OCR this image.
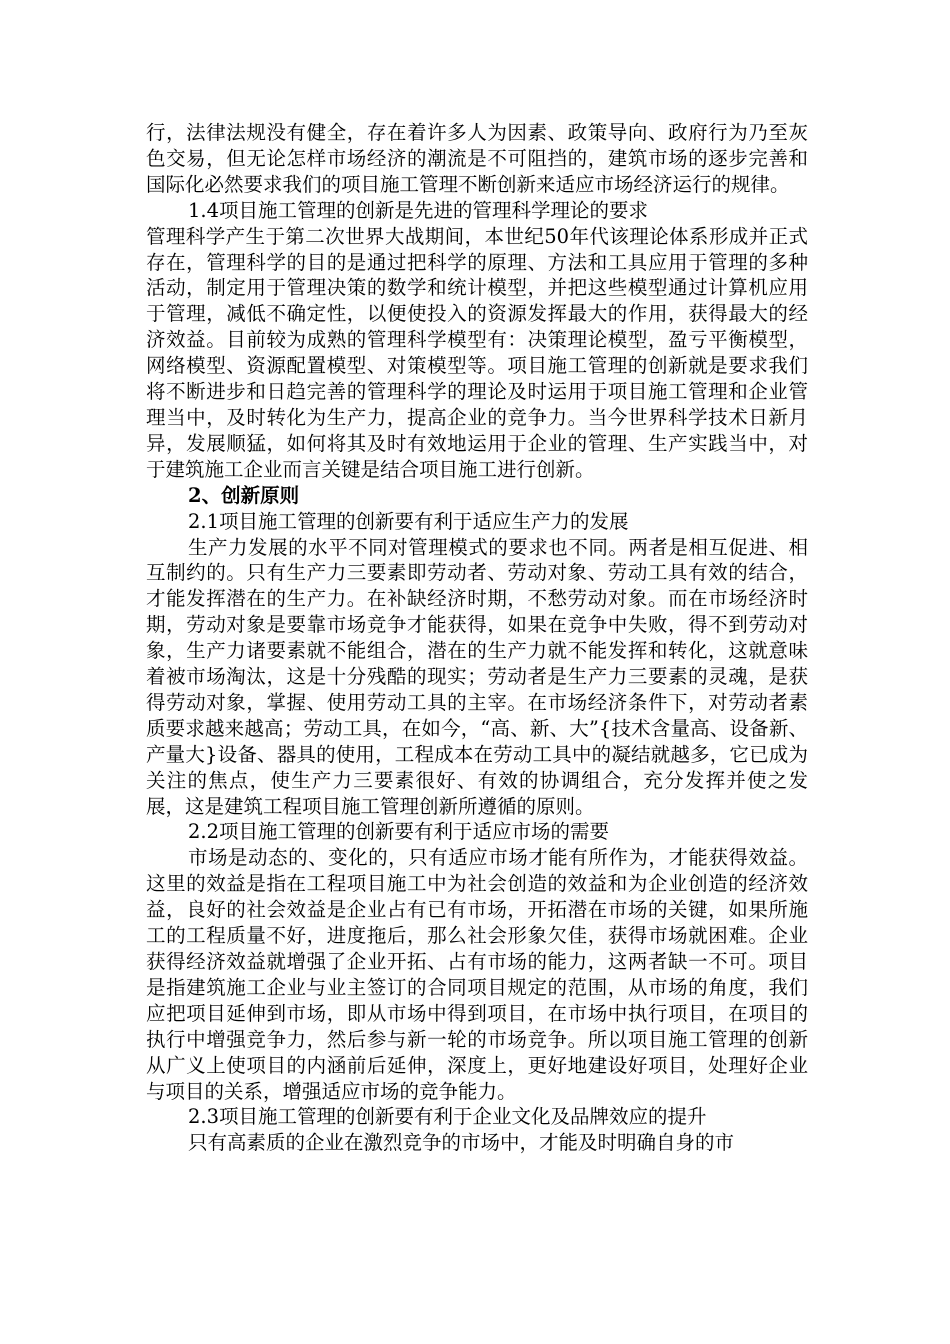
行，法律法规没有健全，存在着许多人为因素、政策导向、政府行为乃至灰色交易，但无论怎样市场经济的潮流是不可阻挡的，建筑市场的逐步完善和国际化必然要求我们的项目施工管理不断创新来适应市场经济运行的规律。

1.4项目施工管理的创新是先进的管理科学理论的要求

管理科学产生于第二次世界大战期间，本世纪50年代该理论体系形成并正式存在，管理科学的目的是通过把科学的原理、方法和工具应用于管理的多种活动，制定用于管理决策的数学和统计模型，并把这些模型通过计算机应用于管理，减低不确定性，以便使投入的资源发挥最大的作用，获得最大的经济效益。目前较为成熟的管理科学模型有：决策理论模型，盈亏平衡模型，网络模型、资源配置模型、对策模型等。项目施工管理的创新就是要求我们将不断进步和日趋完善的管理科学的理论及时运用于项目施工管理和企业管理当中，及时转化为生产力，提高企业的竞争力。当今世界科学技术日新月异，发展顺猛，如何将其及时有效地运用于企业的管理、生产实践当中，对于建筑施工企业而言关键是结合项目施工进行创新。

2、创新原则

2.1项目施工管理的创新要有利于适应生产力的发展

生产力发展的水平不同对管理模式的要求也不同。两者是相互促进、相互制约的。只有生产力三要素即劳动者、劳动对象、劳动工具有效的结合，才能发挥潜在的生产力。在补缺经济时期，不愁劳动对象。而在市场经济时期，劳动对象是要靠市场竞争才能获得，如果在竞争中失败，得不到劳动对象，生产力诸要素就不能组合，潜在的生产力就不能发挥和转化，这就意味着被市场淘汰，这是十分残酷的现实；劳动者是生产力三要素的灵魂，是获得劳动对象，掌握、使用劳动工具的主宰。在市场经济条件下，对劳动者素质要求越来越高；劳动工具，在如今，“高、新、大”{技术含量高、设备新、产量大}设备、器具的使用，工程成本在劳动工具中的凝结就越多，它已成为关注的焦点，使生产力三要素很好、有效的协调组合，充分发挥并使之发展，这是建筑工程项目施工管理创新所遵循的原则。

2.2项目施工管理的创新要有利于适应市场的需要

市场是动态的、变化的，只有适应市场才能有所作为，才能获得效益。这里的效益是指在工程项目施工中为社会创造的效益和为企业创造的经济效益，良好的社会效益是企业占有已有市场，开拓潜在市场的关键，如果所施工的工程质量不好，进度拖后，那么社会形象欠佳，获得市场就困难。企业获得经济效益就增强了企业开拓、占有市场的能力，这两者缺一不可。项目是指建筑施工企业与业主签订的合同项目规定的范围，从市场的角度，我们应把项目延伸到市场，即从市场中得到项目，在市场中执行项目，在项目的执行中增强竞争力，然后参与新一轮的市场竞争。所以项目施工管理的创新从广义上使项目的内涵前后延伸，深度上，更好地建设好项目，处理好企业与项目的关系，增强适应市场的竞争能力。

2.3项目施工管理的创新要有利于企业文化及品牌效应的提升

只有高素质的企业在激烈竞争的市场中，才能及时明确自身的市
